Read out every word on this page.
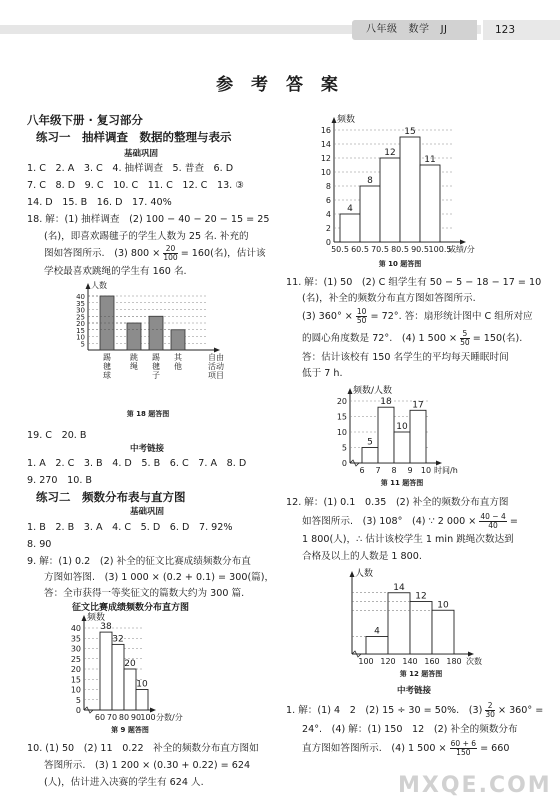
八年级 数学 JJ	123
参 考 答 案
八年级下册 · 复习部分
练习一　抽样调查　数据的整理与表示
基础巩固
1. C　2. A　3. C　4. 抽样调查　5. 普查　6. D
7. C　8. D　9. C　10. C　11. C　12. C　13. ③
14. D　15. B　16. D　17. 40%
18. 解：(1) 抽样调查　(2) 100 − 40 − 20 − 15 = 25
(名)，即喜欢踢毽子的学生人数为 25 名. 补充的
图如答图所示.　(3) $800 \times \frac{20}{100} = 160$(名)，估计该
学校最喜欢跳绳的学生有 160 名.
人数
5
10
15
20
25
30
35
40
踢
毽
球
跳
绳
踢
毽
子
其
他
自由
活动
项目
第 18 题答图
19. C　20. B
中考链接
1. A　2. C　3. B　4. D　5. B　6. C　7. A　8. D
9. 270　10. B
练习二　频数分布表与直方图
基础巩固
1. B　2. B　3. A　4. C　5. D　6. D　7. 92%
8. 90
9. 解：(1) 0.2　(2) 补全的征文比赛成绩频数分布直
方图如答图.　(3) 1 000 × (0.2 + 0.1) = 300(篇)，
答：全市获得一等奖征文的篇数大约为 300 篇.
征文比赛成绩频数分布直方图
频数
0
5
10
15
20
25
30
35
40 38
32
20
10
60 70 80 90 100 分数/分
第 9 题答图
10. (1) 50　(2) 11　0.22　补全的频数分布直方图如
答图所示.　(3) 1 200 × (0.30 + 0.22) = 624
(人)，估计进入决赛的学生有 624 人.
频数
0
2
4
6
8
10
12
14
16
4
8
12
15
11
50.5 60.5 70.5 80.5 90.5 100.5
成绩/分
第 10 题答图
11. 解：(1) 50　(2) C 组学生有 50 − 5 − 18 − 17 = 10
(名)，补全的频数分布直方图如答图所示.
(3) $360^\circ \times \frac{10}{50} = 72^\circ$. 答：扇形统计图中 C 组所对应
的圆心角度数是 72°.　(4) 1 $500 \times \frac{5}{50} = 150$(名).
答：估计该校有 150 名学生的平均每天睡眠时间
低于 7 h.
频数/人数
0
5
10
15
20
5
18
10
17
6 7 8 9 10 时间/h
第 11 题答图
12. 解：(1) 0.1　0.35　(2) 补全的频数分布直方图
如答图所示.　(3) 108°　(4) ∵ 2 $000 \times \frac{40 - 4}{40}$ =
1 800(人)，∴ 估计该校学生 1 min 跳绳次数达到
合格及以上的人数是 1 800.
人数
4
14
12
10
100 120 140 160 180 次数
第 12 题答图
中考链接
1. 解：(1) 4　2　(2) 15 ÷ 30 = 50%.　$(3) \frac{2}{30} \times 360^\circ$ =
24°.　(4) 解：(1) 150　12　(2) 补全的频数分布
直方图如答图所示.　(4) 1 $500 \times \frac{60 + 6}{150} = 660$
MXQE.COM
